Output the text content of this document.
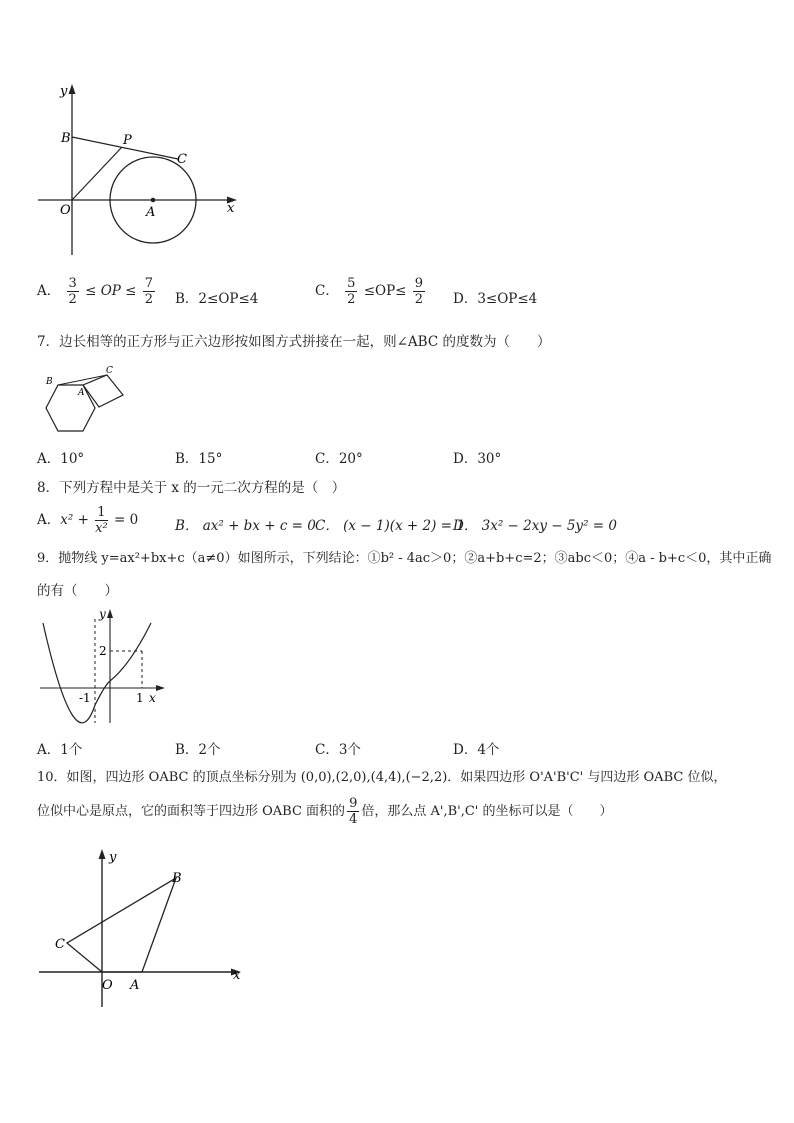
y
x
B	P
C
O	A
A． $\frac{3}{2}$ ≤ OP ≤ $\frac{7}{2}$ B．2≤OP≤4	C． $\frac{5}{2} \le OP\le \frac{9}{2}$ D．3≤OP≤4
7．边长相等的正方形与正六边形按如图方式拼接在一起，则∠ABC 的度数为（　　）
B
A
C
A．10°	B．15°	C．20°	D．30°
8．下列方程中是关于 x 的一元二次方程的是（　）
A．$x^2 + \frac{1}{\text{x²}} = 0$	B． ax² + bx + c = 0 C． (x − 1)(x + 2) = 1
D． 3x² − 2xy − 5y² = 0
9．抛物线 y=ax²+bx+c（a≠0）如图所示，下列结论：①b² - 4ac＞0；②a+b+c=2；③abc＜0；④a - b+c＜0，其中正确
的有（　　）
y
x
2
-1	1
A．1个	B．2个	C．3个	D．4个
10．如图，四边形 OABC 的顶点坐标分别为 (0,0),(2,0),(4,4),(−2,2)．如果四边形 O'A'B'C' 与四边形 OABC 位似，
位似中心是原点，它的面积等于四边形 OABC 面积的 $\frac{9}{4}$ 倍，那么点 A',B',C' 的坐标可以是（　　）
y
x
B
C
O A
